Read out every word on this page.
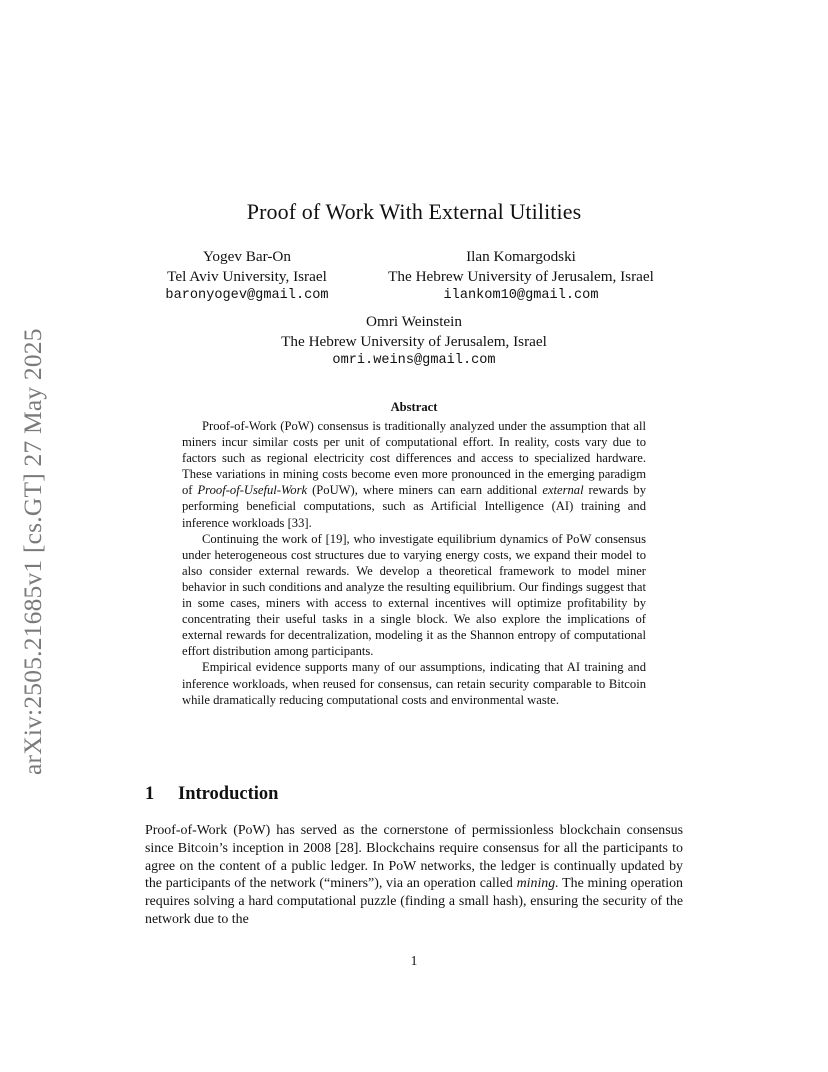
arXiv:2505.21685v1 [cs.GT] 27 May 2025
Proof of Work With External Utilities
Yogev Bar-On
Tel Aviv University, Israel
baronyogev@gmail.com
Ilan Komargodski
The Hebrew University of Jerusalem, Israel
ilankom10@gmail.com
Omri Weinstein
The Hebrew University of Jerusalem, Israel
omri.weins@gmail.com
Abstract

Proof-of-Work (PoW) consensus is traditionally analyzed under the assumption that all miners incur similar costs per unit of computational effort. In reality, costs vary due to factors such as regional electricity cost differences and access to specialized hardware. These variations in mining costs become even more pronounced in the emerging paradigm of Proof-of-Useful-Work (PoUW), where miners can earn additional external rewards by performing beneficial computations, such as Artificial Intelligence (AI) training and inference workloads [33].

Continuing the work of [19], who investigate equilibrium dynamics of PoW consensus under heterogeneous cost structures due to varying energy costs, we expand their model to also consider external rewards. We develop a theoretical framework to model miner behavior in such conditions and analyze the resulting equilibrium. Our findings suggest that in some cases, miners with access to external incentives will optimize profitability by concentrating their useful tasks in a single block. We also explore the implications of external rewards for decentralization, modeling it as the Shannon entropy of computational effort distribution among participants.

Empirical evidence supports many of our assumptions, indicating that AI training and inference workloads, when reused for consensus, can retain security comparable to Bitcoin while dramatically reducing computational costs and environmental waste.

1 Introduction

Proof-of-Work (PoW) has served as the cornerstone of permissionless blockchain consensus since Bitcoin’s inception in 2008 [28]. Blockchains require consensus for all the participants to agree on the content of a public ledger. In PoW networks, the ledger is continually updated by the participants of the network (“miners”), via an operation called mining. The mining operation requires solving a hard computational puzzle (finding a small hash), ensuring the security of the network due to the

1
